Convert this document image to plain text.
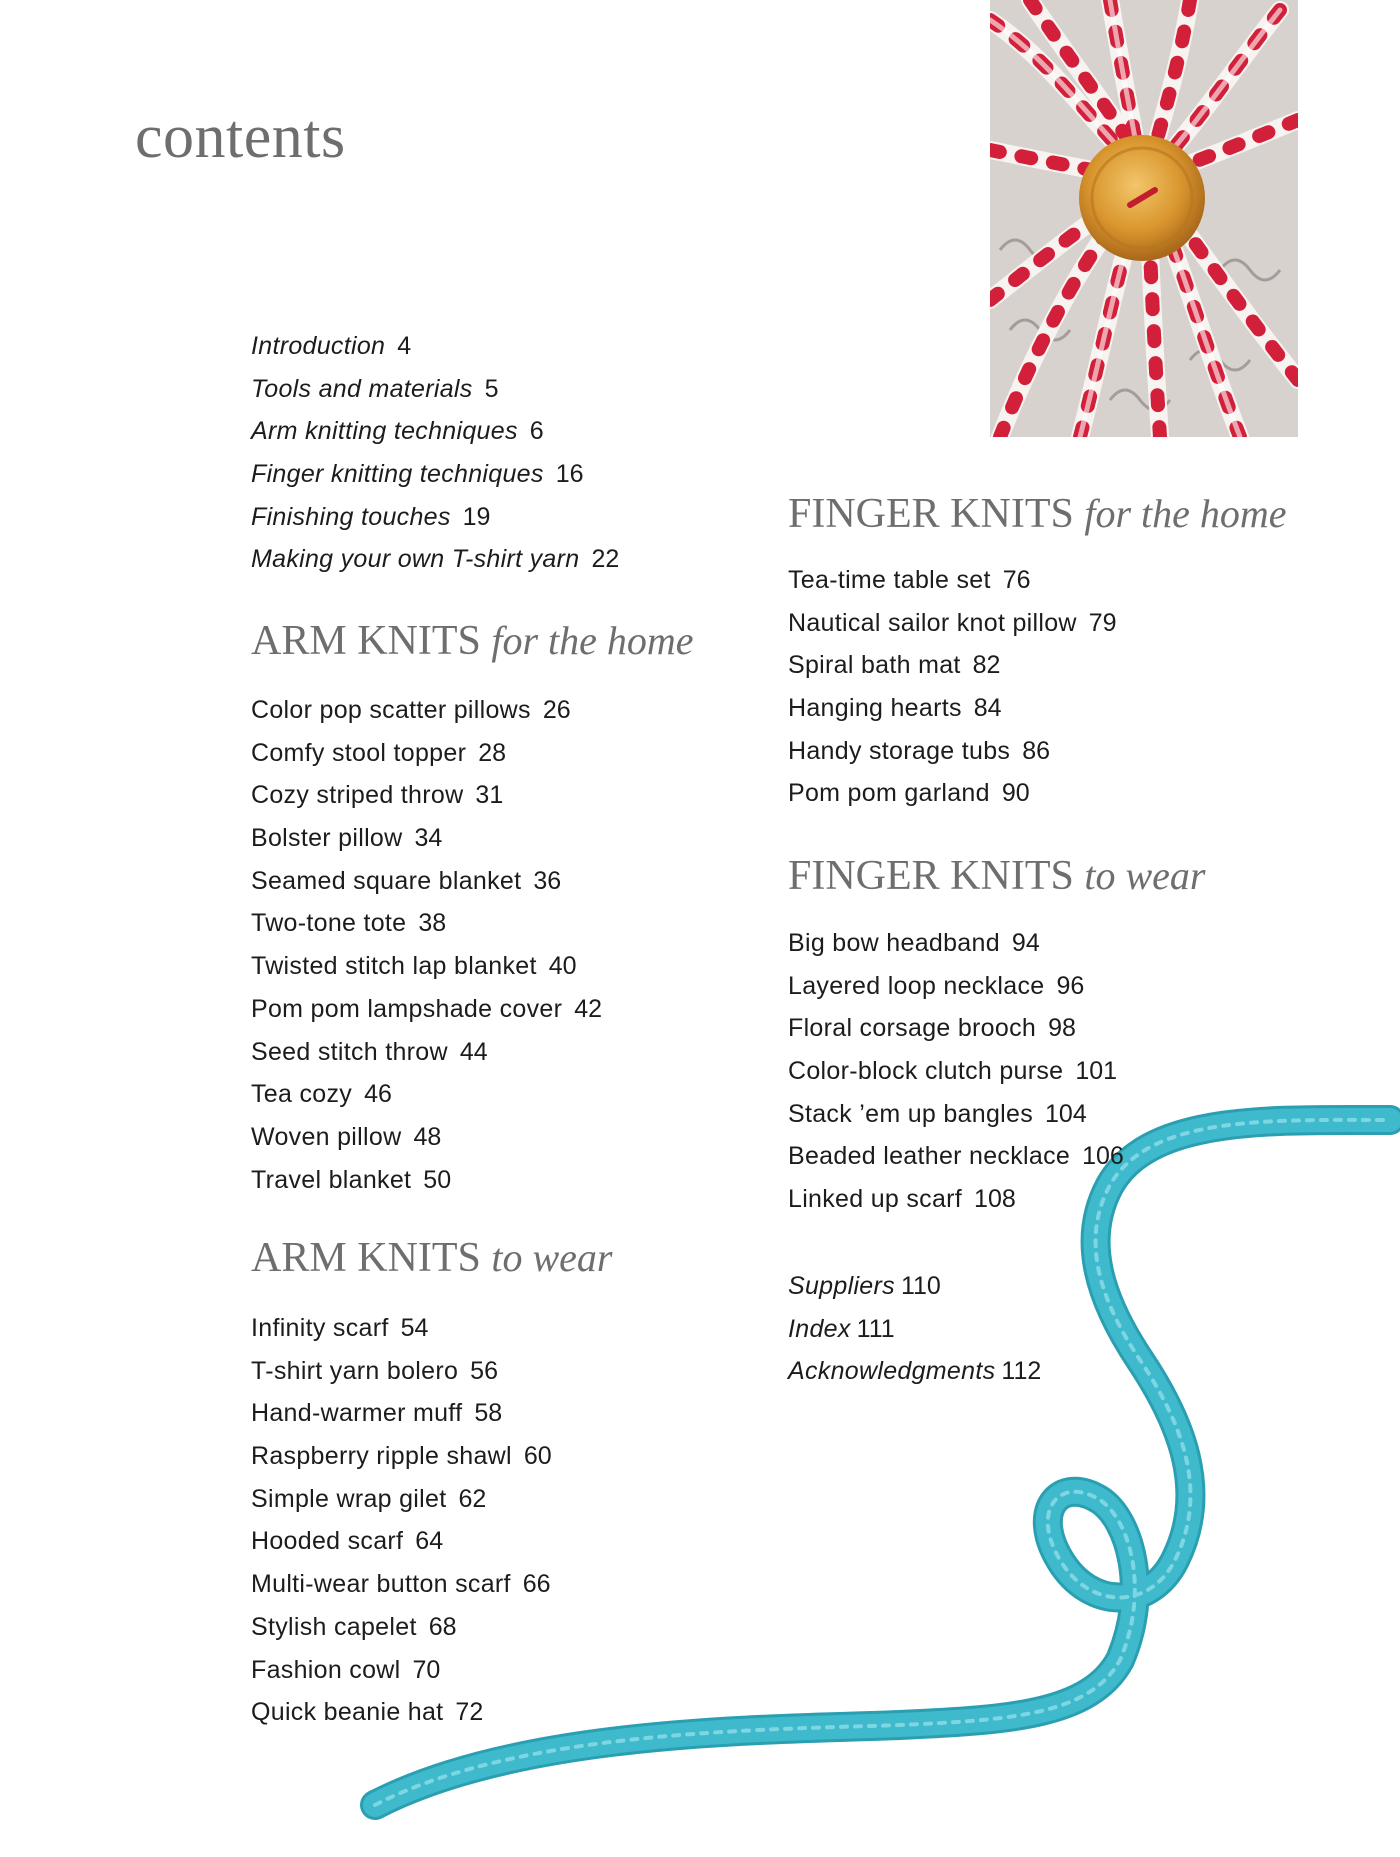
contents
Introduction 4
Tools and materials 5
Arm knitting techniques 6
Finger knitting techniques 16
Finishing touches 19
Making your own T-shirt yarn 22
ARM KNITS for the home
Color pop scatter pillows 26
Comfy stool topper 28
Cozy striped throw 31
Bolster pillow 34
Seamed square blanket 36
Two-tone tote 38
Twisted stitch lap blanket 40
Pom pom lampshade cover 42
Seed stitch throw 44
Tea cozy 46
Woven pillow 48
Travel blanket 50
ARM KNITS to wear
Infinity scarf 54
T-shirt yarn bolero 56
Hand-warmer muff 58
Raspberry ripple shawl 60
Simple wrap gilet 62
Hooded scarf 64
Multi-wear button scarf 66
Stylish capelet 68
Fashion cowl 70
Quick beanie hat 72
FINGER KNITS for the home
Tea-time table set 76
Nautical sailor knot pillow 79
Spiral bath mat 82
Hanging hearts 84
Handy storage tubs 86
Pom pom garland 90
FINGER KNITS to wear
Big bow headband 94
Layered loop necklace 96
Floral corsage brooch 98
Color-block clutch purse 101
Stack ’em up bangles 104
Beaded leather necklace 106
Linked up scarf 108
Suppliers 110
Index 111
Acknowledgments 112
